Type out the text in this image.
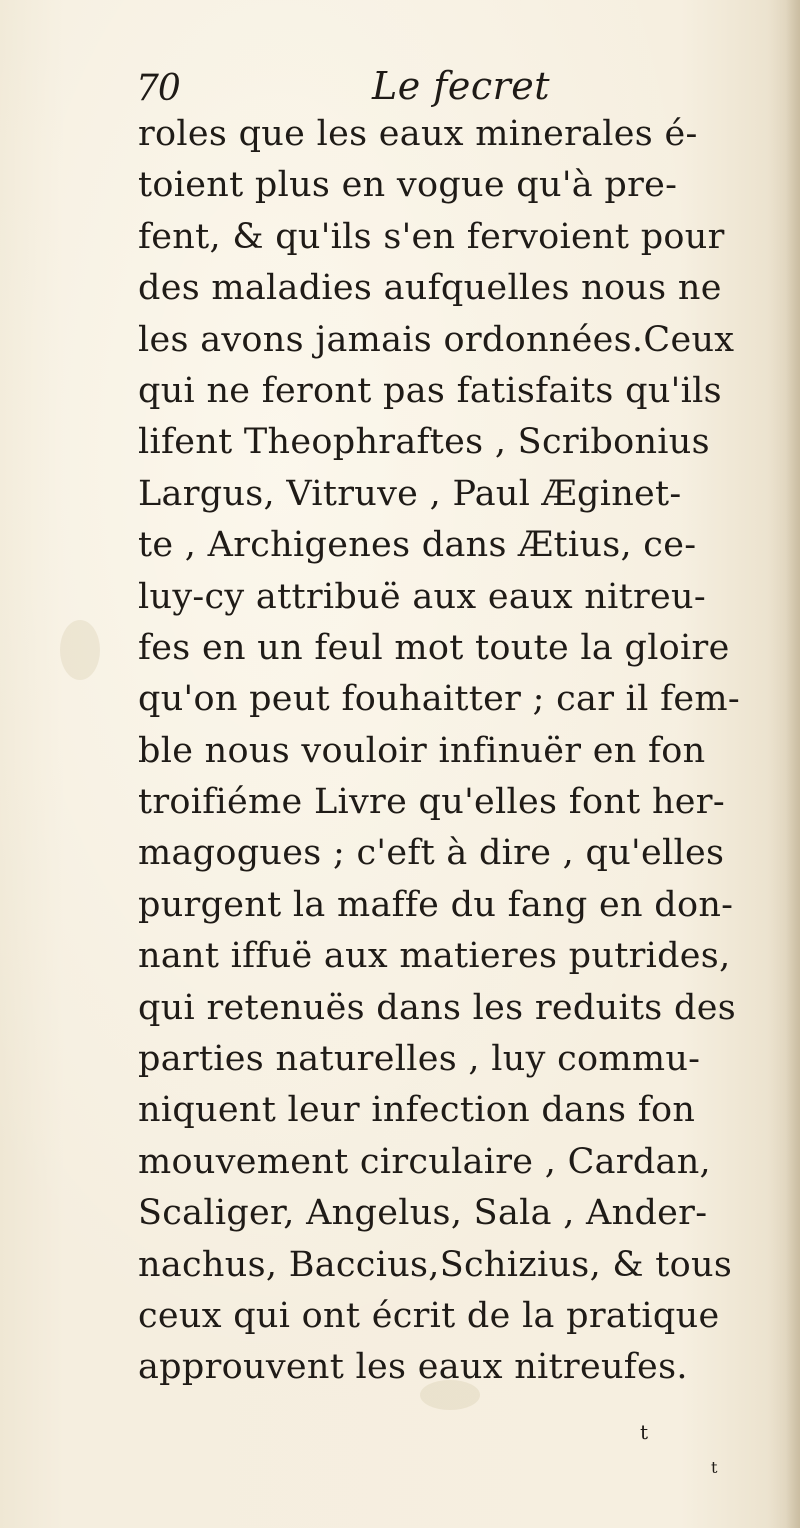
70	Le fecret
roles que les eaux minerales é-
toient plus en vogue qu'à pre-
fent, & qu'ils s'en fervoient pour
des maladies aufquelles nous ne
les avons jamais ordonnées.Ceux
qui ne feront pas fatisfaits qu'ils
lifent Theophraftes , Scribonius
Largus, Vitruve , Paul Æginet-
te , Archigenes dans Ætius, ce-
luy-cy attribuë aux eaux nitreu-
fes en un feul mot toute la gloire
qu'on peut fouhaitter ; car il fem-
ble nous vouloir infinuër en fon
troifiéme Livre qu'elles font her-
magogues ; c'eft à dire , qu'elles
purgent la maffe du fang en don-
nant iffuë aux matieres putrides,
qui retenuës dans les reduits des
parties naturelles , luy commu-
niquent leur infection dans fon
mouvement circulaire , Cardan,
Scaliger, Angelus, Sala , Ander-
nachus, Baccius,Schizius, & tous
ceux qui ont écrit de la pratique
approuvent les eaux nitreufes.
t
t
